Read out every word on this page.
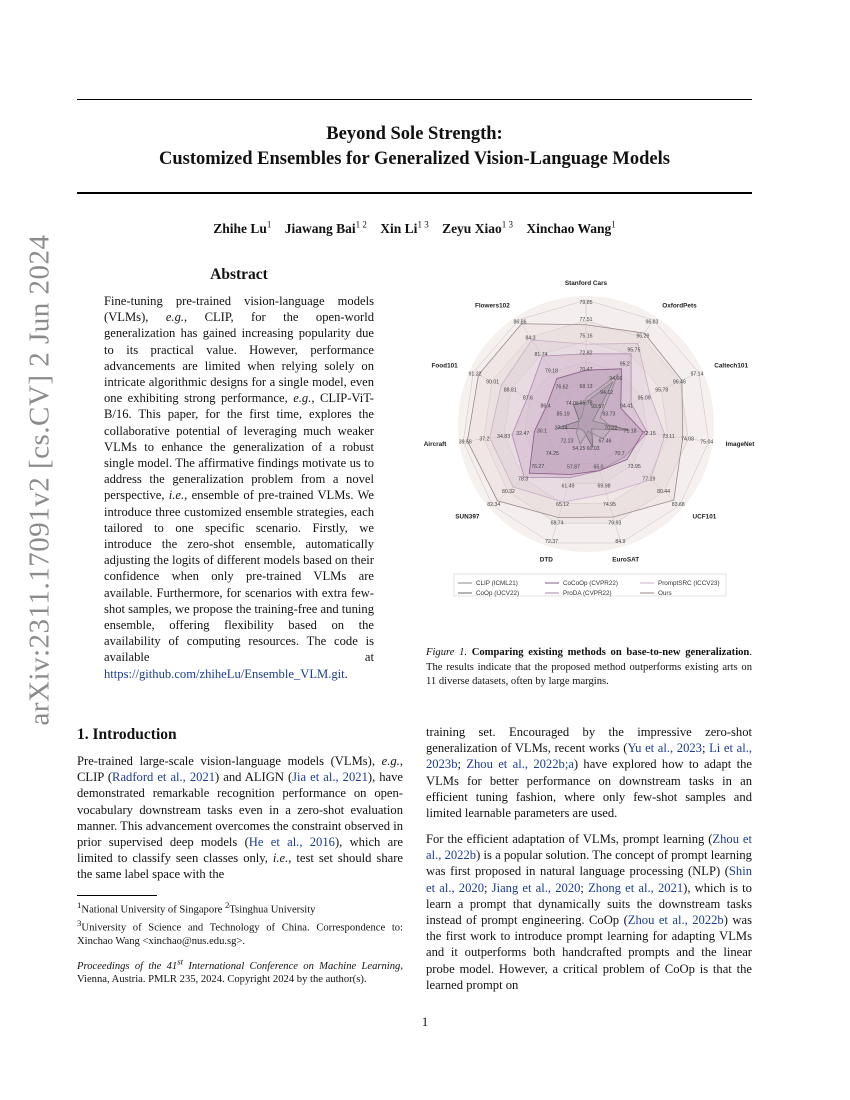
Beyond Sole Strength:
Customized Ensembles for Generalized Vision-Language Models
Zhihe Lu$^1$ Jiawang Bai$^{1 2}$ Xin $Li^{1 3}$ Zeyu Xiao$^{1 3}$ Xinchao Wang$^1$
arXiv:2311.17091v2 [cs.CV] 2 Jun 2024	Abstract
Fine-tuning pre-trained vision-language models (VLMs), e.g., CLIP, for the open-world generalization has gained increasing popularity due to its practical value. However, performance advancements are limited when relying solely on intricate algorithmic designs for a single model, even one exhibiting strong performance, e.g., CLIP-ViT-B/16. This paper, for the first time, explores the collaborative potential of leveraging much weaker VLMs to enhance the generalization of a robust single model. The affirmative findings motivate us to address the generalization problem from a novel perspective, i.e., ensemble of pre-trained VLMs. We introduce three customized ensemble strategies, each tailored to one specific scenario. Firstly, we introduce the zero-shot ensemble, automatically adjusting the logits of different models based on their confidence when only pre-trained VLMs are available. Furthermore, for scenarios with extra few-shot samples, we propose the training-free and tuning ensemble, offering flexibility based on the availability of computing resources. The code is available at https://github.com/zhiheLu/Ensemble_VLM.git.
79.85
77.51
75.16
72.82
70.47
68.13
65.78
96.83
96.29
95.75
95.2
94.66
94.12
93.57
97.14
96.46
95.78
95.09
94.41
93.73
75.04
74.08
73.11
72.15
71.18
70.22
83.68
80.44
77.19
73.95
70.7
67.46
84.9
79.93
74.95
69.98
65.0
60.03
72.37
68.74
65.12
61.49
57.87
54.25
82.34
80.32
78.3
76.27
74.25
72.23
39.56 37.2 34.83 32.47 30.1 27.74
91.22
90.01
88.81
87.6
86.4
85.19
86.86
84.3
81.74
79.18
76.62
74.06
Stanford Cars
OxfordPets
Caltech101
ImageNet
UCF101
EuroSAT
DTD
SUN397
Aircraft
Food101
Flowers102
CLIP (ICML21)
CoOp (IJCV22)
CoCoOp (CVPR22)
ProDA (CVPR22)
PromptSRC (ICCV23)
Ours
Figure 1. Comparing existing methods on base-to-new generalization. The results indicate that the proposed method outperforms existing arts on 11 diverse datasets, often by large margins.
1. Introduction
Pre-trained large-scale vision-language models (VLMs), e.g., CLIP (Radford et al., 2021) and ALIGN (Jia et al., 2021), have demonstrated remarkable recognition performance on open-vocabulary downstream tasks even in a zero-shot evaluation manner. This advancement overcomes the constraint observed in prior supervised deep models (He et al., 2016), which are limited to classify seen classes only, i.e., test set should share the same label space with the
$^1$National University of Singapore $^2$Tsinghua University
$^3$University of Science and Technology of China. Correspondence to: Xinchao Wang <xinchao@nus.edu.sg>.
Proceedings of the 41st International Conference on Machine Learning, Vienna, Austria. PMLR 235, 2024. Copyright 2024 by the author(s).
training set. Encouraged by the impressive zero-shot generalization of VLMs, recent works (Yu et al., 2023; Li et al., 2023b; Zhou et al., 2022b;a) have explored how to adapt the VLMs for better performance on downstream tasks in an efficient tuning fashion, where only few-shot samples and limited learnable parameters are used.
For the efficient adaptation of VLMs, prompt learning (Zhou et al., 2022b) is a popular solution. The concept of prompt learning was first proposed in natural language processing (NLP) (Shin et al., 2020; Jiang et al., 2020; Zhong et al., 2021), which is to learn a prompt that dynamically suits the downstream tasks instead of prompt engineering. CoOp (Zhou et al., 2022b) was the first work to introduce prompt learning for adapting VLMs and it outperforms both handcrafted prompts and the linear probe model. However, a critical problem of CoOp is that the learned prompt on
1
